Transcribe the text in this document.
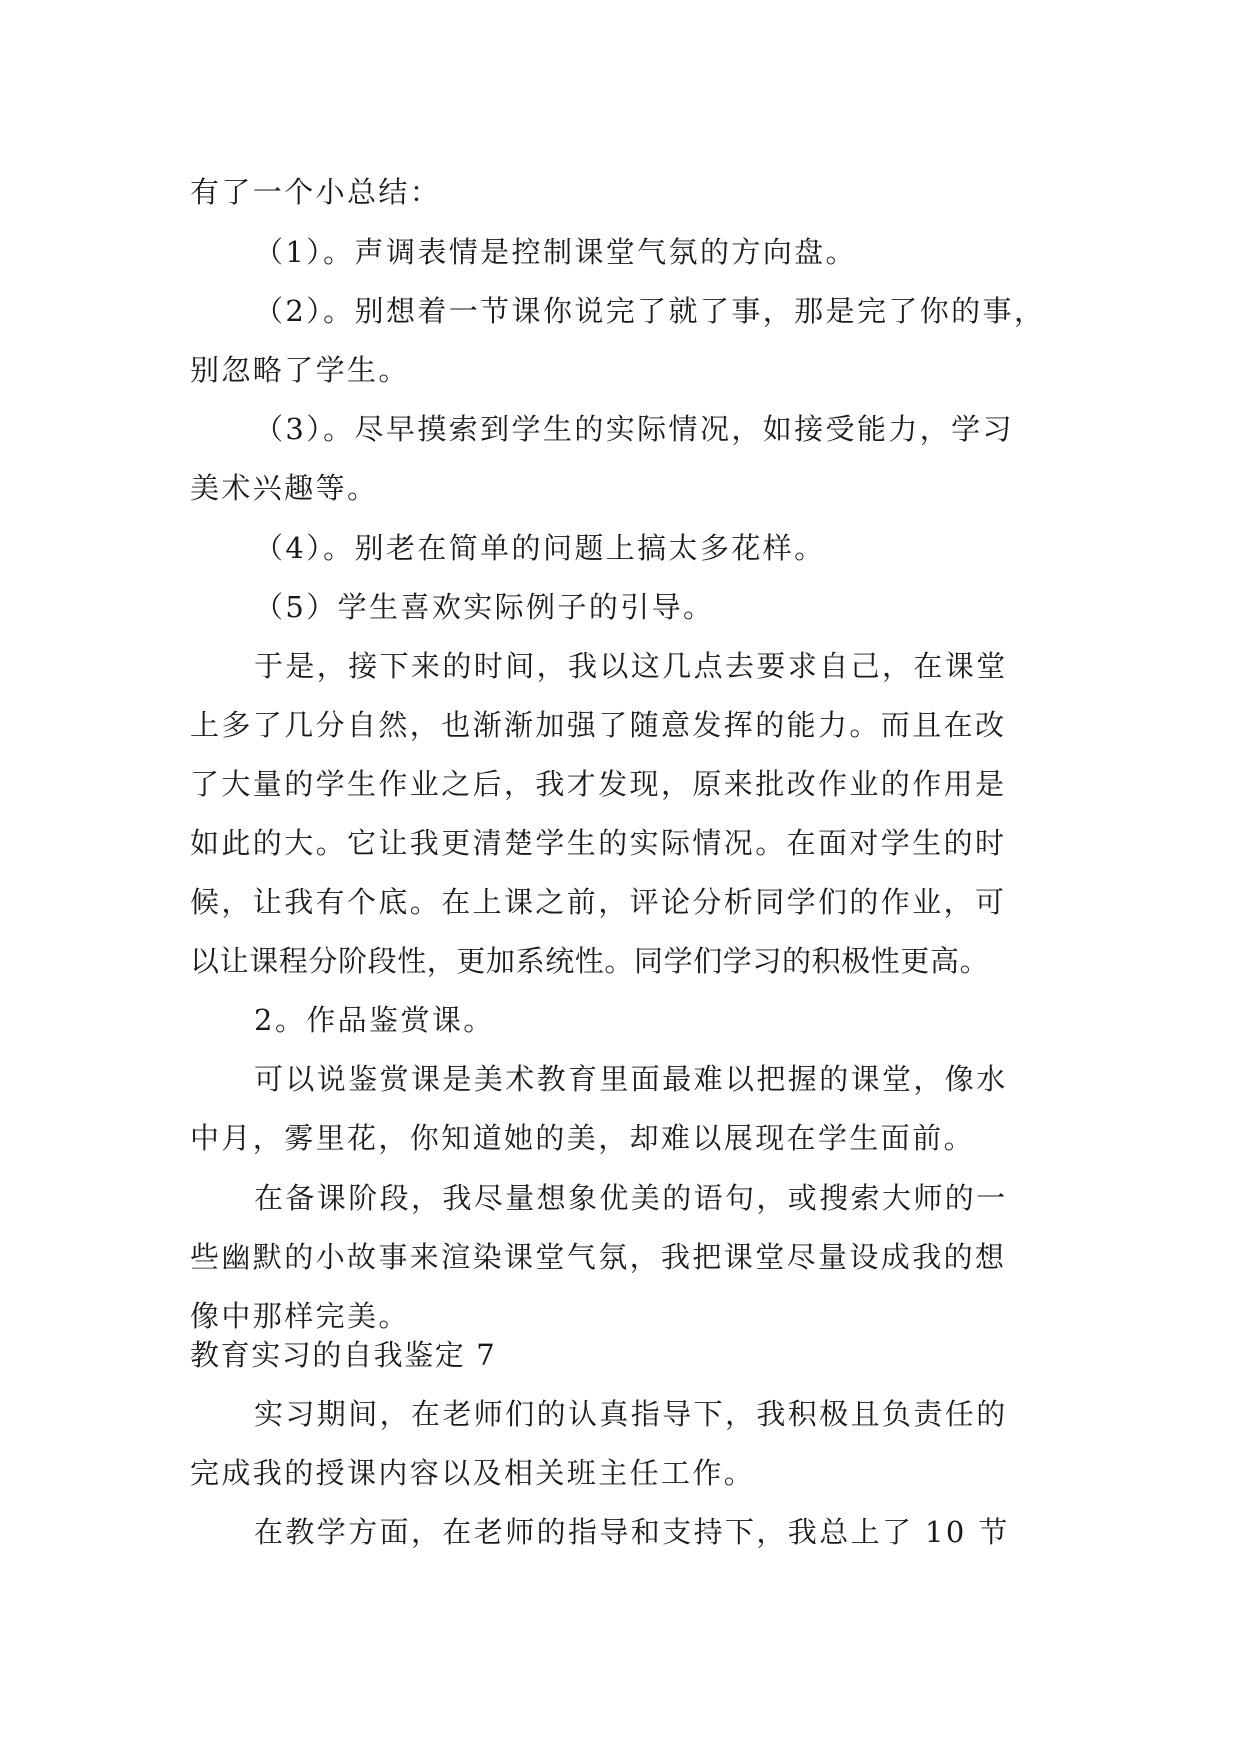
有了一个小总结：
（1）。声调表情是控制课堂气氛的方向盘。
（2）。别想着一节课你说完了就了事，那是完了你的事，
别忽略了学生。
（3）。尽早摸索到学生的实际情况，如接受能力，学习
美术兴趣等。
（4）。别老在简单的问题上搞太多花样。
（5）学生喜欢实际例子的引导。
于是，接下来的时间，我以这几点去要求自己，在课堂
上多了几分自然，也渐渐加强了随意发挥的能力。而且在改
了大量的学生作业之后，我才发现，原来批改作业的作用是
如此的大。它让我更清楚学生的实际情况。在面对学生的时
候，让我有个底。在上课之前，评论分析同学们的作业，可
以让课程分阶段性，更加系统性。同学们学习的积极性更高。
2。作品鉴赏课。
可以说鉴赏课是美术教育里面最难以把握的课堂，像水
中月，雾里花，你知道她的美，却难以展现在学生面前。
在备课阶段，我尽量想象优美的语句，或搜索大师的一
些幽默的小故事来渲染课堂气氛，我把课堂尽量设成我的想
像中那样完美。
教育实习的自我鉴定 7
实习期间，在老师们的认真指导下，我积极且负责任的
完成我的授课内容以及相关班主任工作。
在教学方面，在老师的指导和支持下，我总上了 10 节
